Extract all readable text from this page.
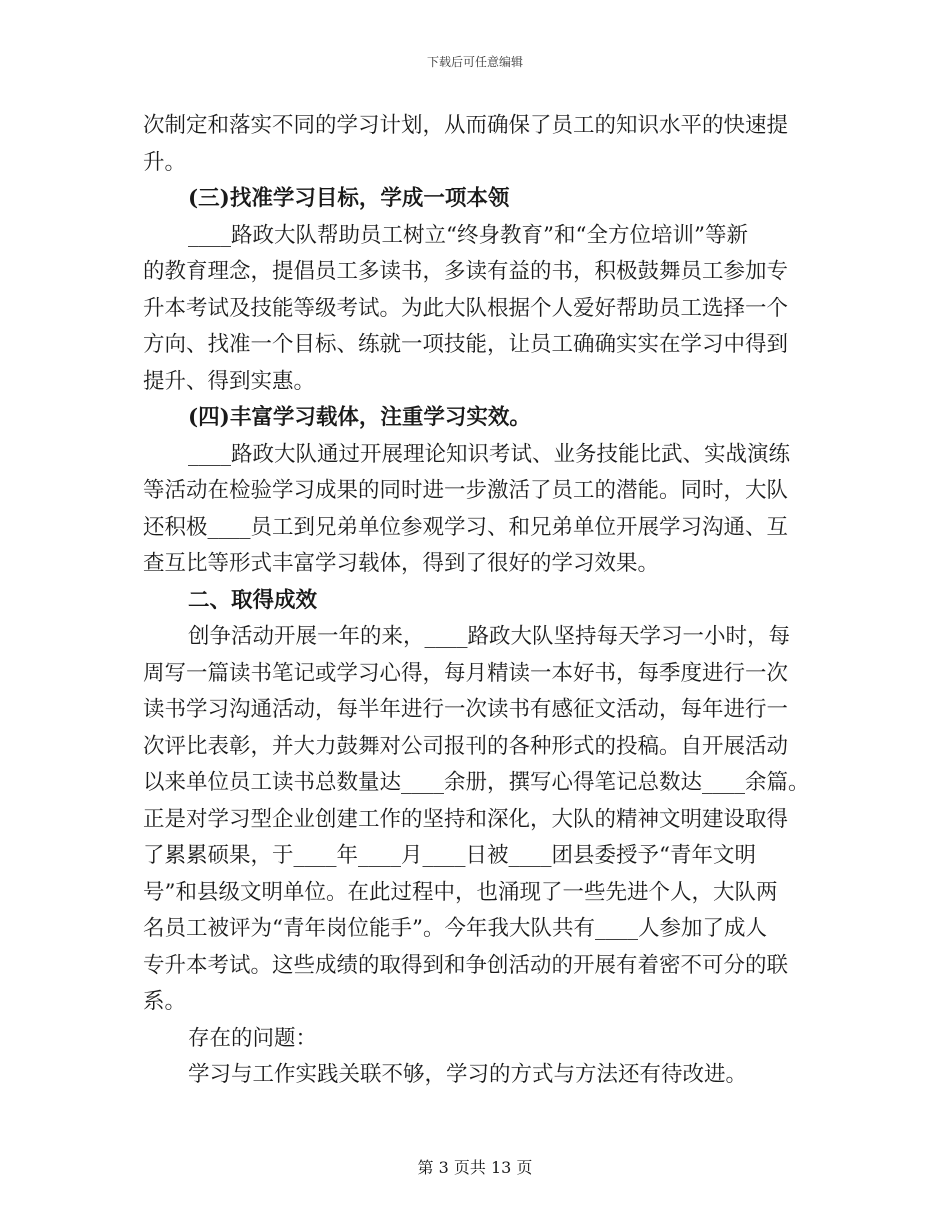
下载后可任意编辑

次制定和落实不同的学习计划，从而确保了员工的知识水平的快速提

升。

(三)找准学习目标，学成一项本领

____路政大队帮助员工树立“终身教育”和“全方位培训”等新

的教育理念，提倡员工多读书，多读有益的书，积极鼓舞员工参加专

升本考试及技能等级考试。为此大队根据个人爱好帮助员工选择一个

方向、找准一个目标、练就一项技能，让员工确确实实在学习中得到

提升、得到实惠。

(四)丰富学习载体，注重学习实效。

____路政大队通过开展理论知识考试、业务技能比武、实战演练

等活动在检验学习成果的同时进一步激活了员工的潜能。同时，大队

还积极____员工到兄弟单位参观学习、和兄弟单位开展学习沟通、互

查互比等形式丰富学习载体，得到了很好的学习效果。

二、取得成效

创争活动开展一年的来，____路政大队坚持每天学习一小时，每

周写一篇读书笔记或学习心得，每月精读一本好书，每季度进行一次

读书学习沟通活动，每半年进行一次读书有感征文活动，每年进行一

次评比表彰，并大力鼓舞对公司报刊的各种形式的投稿。自开展活动

以来单位员工读书总数量达____余册，撰写心得笔记总数达____余篇。

正是对学习型企业创建工作的坚持和深化，大队的精神文明建设取得

了累累硕果，于____年____月____日被____团县委授予“青年文明

号”和县级文明单位。在此过程中，也涌现了一些先进个人，大队两

名员工被评为“青年岗位能手”。今年我大队共有____人参加了成人

专升本考试。这些成绩的取得到和争创活动的开展有着密不可分的联

系。

存在的问题：

学习与工作实践关联不够，学习的方式与方法还有待改进。

第 3 页共 13 页
